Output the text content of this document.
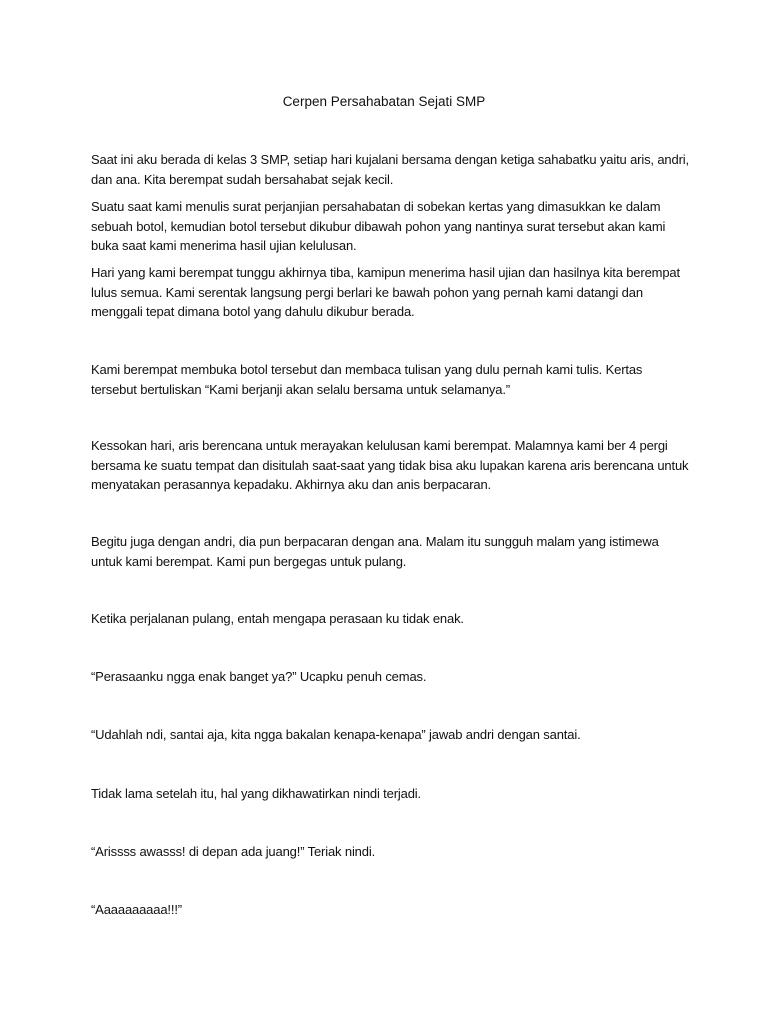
Cerpen Persahabatan Sejati SMP

Saat ini aku berada di kelas 3 SMP, setiap hari kujalani bersama dengan ketiga sahabatku yaitu aris, andri, dan ana. Kita berempat sudah bersahabat sejak kecil.

Suatu saat kami menulis surat perjanjian persahabatan di sobekan kertas yang dimasukkan ke dalam sebuah botol, kemudian botol tersebut dikubur dibawah pohon yang nantinya surat tersebut akan kami buka saat kami menerima hasil ujian kelulusan.

Hari yang kami berempat tunggu akhirnya tiba, kamipun menerima hasil ujian dan hasilnya kita berempat lulus semua. Kami serentak langsung pergi berlari ke bawah pohon yang pernah kami datangi dan menggali tepat dimana botol yang dahulu dikubur berada.

Kami berempat membuka botol tersebut dan membaca tulisan yang dulu pernah kami tulis. Kertas tersebut bertuliskan “Kami berjanji akan selalu bersama untuk selamanya.”

Kessokan hari, aris berencana untuk merayakan kelulusan kami berempat. Malamnya kami ber 4 pergi bersama ke suatu tempat dan disitulah saat-saat yang tidak bisa aku lupakan karena aris berencana untuk menyatakan perasannya kepadaku. Akhirnya aku dan anis berpacaran.

Begitu juga dengan andri, dia pun berpacaran dengan ana. Malam itu sungguh malam yang istimewa untuk kami berempat. Kami pun bergegas untuk pulang.

Ketika perjalanan pulang, entah mengapa perasaan ku tidak enak.

“Perasaanku ngga enak banget ya?” Ucapku penuh cemas.

“Udahlah ndi, santai aja, kita ngga bakalan kenapa-kenapa” jawab andri dengan santai.

Tidak lama setelah itu, hal yang dikhawatirkan nindi terjadi.

“Arissss awasss! di depan ada juang!” Teriak nindi.

“Aaaaaaaaaa!!!”
